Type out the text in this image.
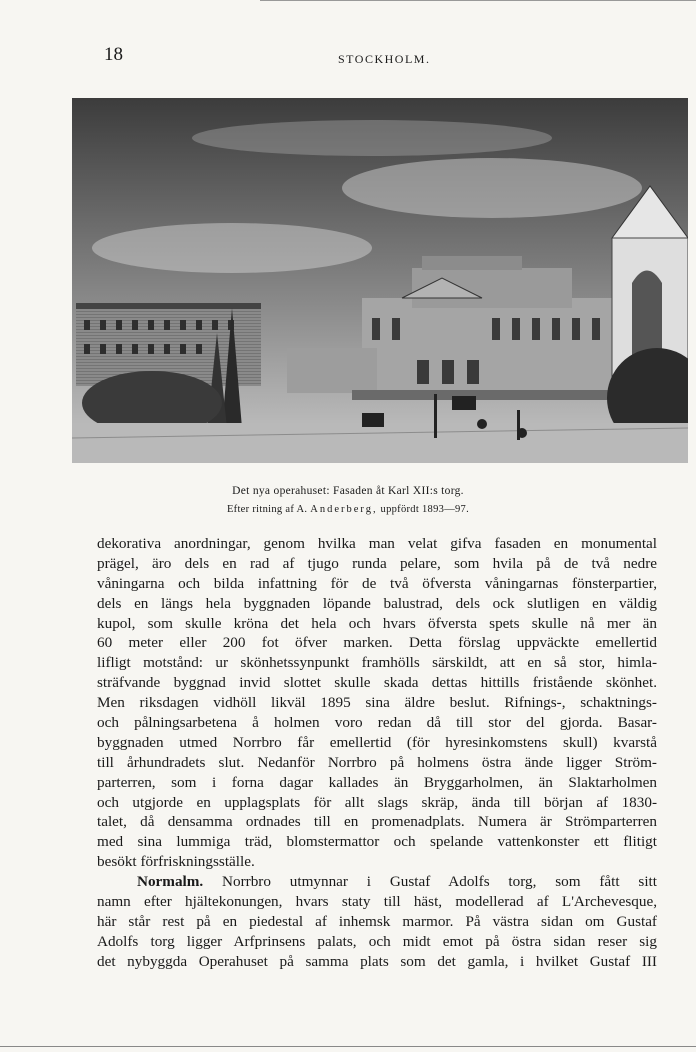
18	STOCKHOLM.
Det nya operahuset: Fasaden åt Karl XII:s torg.
Efter ritning af A. Anderberg, uppfördt 1893—97.
dekorativa anordningar, genom hvilka man velat gifva fasaden en monumental
prägel, äro dels en rad af tjugo runda pelare, som hvila på de två nedre
våningarna och bilda infattning för de två öfversta våningarnas fönsterpartier,
dels en längs hela byggnaden löpande balustrad, dels ock slutligen en väldig
kupol, som skulle kröna det hela och hvars öfversta spets skulle nå mer än
60 meter eller 200 fot öfver marken. Detta förslag uppväckte emellertid
lifligt motstånd: ur skönhetssynpunkt framhölls särskildt, att en så stor, himla-
sträfvande byggnad invid slottet skulle skada dettas hittills fristående skönhet.
Men riksdagen vidhöll likväl 1895 sina äldre beslut. Rifnings-, schaktnings-
och pålningsarbetena å holmen voro redan då till stor del gjorda. Basar-
byggnaden utmed Norrbro får emellertid (för hyresinkomstens skull) kvarstå
till århundradets slut. Nedanför Norrbro på holmens östra ände ligger Ström-
parterren, som i forna dagar kallades än Bryggarholmen, än Slaktarholmen
och utgjorde en upplagsplats för allt slags skräp, ända till början af 1830-
talet, då densamma ordnades till en promenadplats. Numera är Strömparterren
med sina lummiga träd, blomstermattor och spelande vattenkonster ett flitigt
besökt förfriskningsställe.
Normalm. Norrbro utmynnar i Gustaf Adolfs torg, som fått sitt
namn efter hjältekonungen, hvars staty till häst, modellerad af L'Archevesque,
här står rest på en piedestal af inhemsk marmor. På västra sidan om Gustaf
Adolfs torg ligger Arfprinsens palats, och midt emot på östra sidan reser sig
det nybyggda Operahuset på samma plats som det gamla, i hvilket Gustaf III
